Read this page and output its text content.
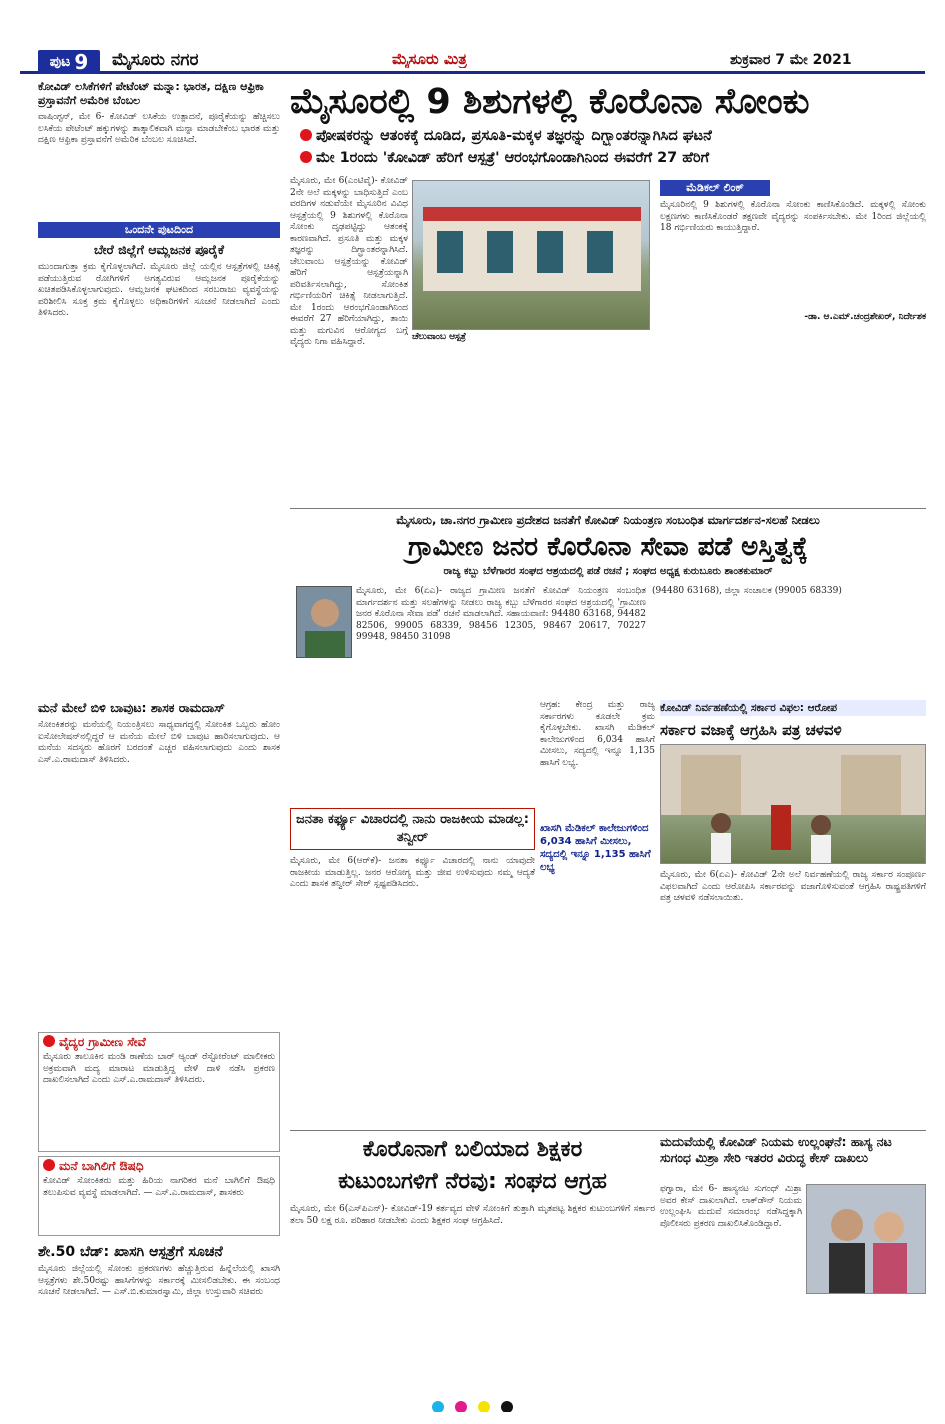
ಪುಟ 9 ಮೈಸೂರು ನಗರ	ಮೈಸೂರು ಮಿತ್ರ	ಶುಕ್ರವಾರ 7 ಮೇ 2021
ಕೋವಿಡ್ ಲಸಿಕೆಗಳಿಗೆ ಪೇಟೆಂಟ್ ಮನ್ನಾ: ಭಾರತ, ದಕ್ಷಿಣ ಆಫ್ರಿಕಾ ಪ್ರಸ್ತಾವನೆಗೆ ಅಮೆರಿಕ ಬೆಂಬಲ
ವಾಷಿಂಗ್ಟನ್, ಮೇ 6- ಕೋವಿಡ್ ಲಸಿಕೆಯ ಉತ್ಪಾದನೆ, ಪೂರೈಕೆಯನ್ನು ಹೆಚ್ಚಿಸಲು ಲಸಿಕೆಯ ಪೇಟೆಂಟ್ ಹಕ್ಕುಗಳನ್ನು ತಾತ್ಕಾಲಿಕವಾಗಿ ಮನ್ನಾ ಮಾಡಬೇಕೆಂಬ ಭಾರತ ಮತ್ತು ದಕ್ಷಿಣ ಆಫ್ರಿಕಾ ಪ್ರಸ್ತಾವನೆಗೆ ಅಮೆರಿಕ ಬೆಂಬಲ ಸೂಚಿಸಿದೆ.
ಒಂದನೇ ಪುಟದಿಂದ
ಬೇರೆ ಜಿಲ್ಲೆಗೆ ಆಮ್ಲಜನಕ ಪೂರೈಕೆ
ಮುಂದಾಗುತ್ತಾ ಕ್ರಮ ಕೈಗೊಳ್ಳಲಾಗಿದೆ. ಮೈಸೂರು ಜಿಲ್ಲೆ ಯಲ್ಲಿನ ಆಸ್ಪತ್ರೆಗಳಲ್ಲಿ ಚಿಕಿತ್ಸೆ ಪಡೆಯುತ್ತಿರುವ ರೋಗಿಗಳಿಗೆ ಅಗತ್ಯವಿರುವ ಆಮ್ಲಜನಕ ಪೂರೈಕೆಯನ್ನು ಖಚಿತಪಡಿಸಿಕೊಳ್ಳಲಾಗುವುದು. ಆಮ್ಲಜನಕ ಘಟಕದಿಂದ ಸರಬರಾಜು ವ್ಯವಸ್ಥೆಯನ್ನು ಪರಿಶೀಲಿಸಿ ಸೂಕ್ತ ಕ್ರಮ ಕೈಗೊಳ್ಳಲು ಅಧಿಕಾರಿಗಳಿಗೆ ಸೂಚನೆ ನೀಡಲಾಗಿದೆ ಎಂದು ತಿಳಿಸಿದರು.
ಮನೆ ಮೇಲೆ ಬಿಳಿ ಬಾವುಟ: ಶಾಸಕ ರಾಮದಾಸ್
ಸೋಂಕಿತರನ್ನು ಮನೆಯಲ್ಲಿ ನಿಯಂತ್ರಿಸಲು ಸಾಧ್ಯವಾಗದ್ದಲ್ಲಿ ಸೋಂಕಿತ ಒಬ್ಬರು ಹೋಂ ಐಸೋಲೇಷನ್‌ನಲ್ಲಿದ್ದರೆ ಆ ಮನೆಯ ಮೇಲೆ ಬಿಳಿ ಬಾವುಟ ಹಾರಿಸಲಾಗುವುದು. ಆ ಮನೆಯ ಸದಸ್ಯರು ಹೊರಗೆ ಬರದಂತೆ ಎಚ್ಚರ ವಹಿಸಲಾಗುವುದು ಎಂದು ಶಾಸಕ ಎಸ್.ಎ.ರಾಮದಾಸ್ ತಿಳಿಸಿದರು.
ವೈದ್ಯರ ಗ್ರಾಮೀಣ ಸೇವೆ
ಮೈಸೂರು ತಾಲೂಕಿನ ಮಂಡಿ ಠಾಣೆಯ ಬಾರ್ ಆ್ಯಂಡ್ ರೆಸ್ಟೋರೆಂಟ್ ಮಾಲೀಕರು ಅಕ್ರಮವಾಗಿ ಮದ್ಯ ಮಾರಾಟ ಮಾಡುತ್ತಿದ್ದ ವೇಳೆ ದಾಳಿ ನಡೆಸಿ ಪ್ರಕರಣ ದಾಖಲಿಸಲಾಗಿದೆ ಎಂದು ಎಸ್.ಎ.ರಾಮದಾಸ್ ತಿಳಿಸಿದರು.
ಮನೆ ಬಾಗಿಲಿಗೆ ಔಷಧಿ
ಕೋವಿಡ್ ಸೋಂಕಿತರು ಮತ್ತು ಹಿರಿಯ ನಾಗರಿಕರ ಮನೆ ಬಾಗಿಲಿಗೆ ಔಷಧಿ ತಲುಪಿಸುವ ವ್ಯವಸ್ಥೆ ಮಾಡಲಾಗಿದೆ. — ಎಸ್.ಎ.ರಾಮದಾಸ್, ಶಾಸಕರು
ಶೇ.50 ಬೆಡ್: ಖಾಸಗಿ ಆಸ್ಪತ್ರೆಗೆ ಸೂಚನೆ
ಮೈಸೂರು ಜಿಲ್ಲೆಯಲ್ಲಿ ಸೋಂಕು ಪ್ರಕರಣಗಳು ಹೆಚ್ಚುತ್ತಿರುವ ಹಿನ್ನೆಲೆಯಲ್ಲಿ ಖಾಸಗಿ ಆಸ್ಪತ್ರೆಗಳು ಶೇ.50ರಷ್ಟು ಹಾಸಿಗೆಗಳನ್ನು ಸರ್ಕಾರಕ್ಕೆ ಮೀಸಲಿಡಬೇಕು. ಈ ಸಂಬಂಧ ಸೂಚನೆ ನೀಡಲಾಗಿದೆ. — ಎಸ್.ಬಿ.ಕುಮಾರಸ್ವಾಮಿ, ಜಿಲ್ಲಾ ಉಸ್ತುವಾರಿ ಸಚಿವರು
ಮೈಸೂರಲ್ಲಿ 9 ಶಿಶುಗಳಲ್ಲಿ ಕೊರೊನಾ ಸೋಂಕು
ಪೋಷಕರನ್ನು ಆತಂಕಕ್ಕೆ ದೂಡಿದ, ಪ್ರಸೂತಿ-ಮಕ್ಕಳ ತಜ್ಞರನ್ನು ದಿಗ್ಭ್ರಾಂತರನ್ನಾಗಿಸಿದ ಘಟನೆ
ಮೇ 1ರಂದು 'ಕೋವಿಡ್ ಹೆರಿಗೆ ಆಸ್ಪತ್ರೆ' ಆರಂಭಗೊಂಡಾಗಿನಿಂದ ಈವರೆಗೆ 27 ಹೆರಿಗೆ
ಮೈಸೂರು, ಮೇ 6(ಎಂಟಿವೈ)- ಕೋವಿಡ್ 2ನೇ ಅಲೆ ಮಕ್ಕಳನ್ನು ಬಾಧಿಸುತ್ತಿದೆ ಎಂಬ ವರದಿಗಳ ನಡುವೆಯೇ ಮೈಸೂರಿನ ವಿವಿಧ ಆಸ್ಪತ್ರೆಯಲ್ಲಿ 9 ಶಿಶುಗಳಲ್ಲಿ ಕೊರೊನಾ ಸೋಂಕು ದೃಢಪಟ್ಟಿದ್ದು ಆತಂಕಕ್ಕೆ ಕಾರಣವಾಗಿದೆ. ಪ್ರಸೂತಿ ಮತ್ತು ಮಕ್ಕಳ ತಜ್ಞರನ್ನು ದಿಗ್ಭ್ರಾಂತರನ್ನಾಗಿಸಿದೆ. ಚೆಲುವಾಂಬ ಆಸ್ಪತ್ರೆಯನ್ನು ಕೋವಿಡ್ ಹೆರಿಗೆ ಆಸ್ಪತ್ರೆಯನ್ನಾಗಿ ಪರಿವರ್ತಿಸಲಾಗಿದ್ದು, ಸೋಂಕಿತ ಗರ್ಭಿಣಿಯರಿಗೆ ಚಿಕಿತ್ಸೆ ನೀಡಲಾಗುತ್ತಿದೆ. ಮೇ 1ರಂದು ಆರಂಭಗೊಂಡಾಗಿನಿಂದ ಈವರೆಗೆ 27 ಹೆರಿಗೆಯಾಗಿದ್ದು, ತಾಯಿ ಮತ್ತು ಮಗುವಿನ ಆರೋಗ್ಯದ ಬಗ್ಗೆ ವೈದ್ಯರು ನಿಗಾ ವಹಿಸಿದ್ದಾರೆ.	ಚೆಲುವಾಂಬ ಆಸ್ಪತ್ರೆ
ಮೆಡಿಕಲ್ ಲಿಂಕ್
ಮೈಸೂರಿನಲ್ಲಿ 9 ಶಿಶುಗಳಲ್ಲಿ ಕೊರೊನಾ ಸೋಂಕು ಕಾಣಿಸಿಕೊಂಡಿದೆ. ಮಕ್ಕಳಲ್ಲಿ ಸೋಂಕು ಲಕ್ಷಣಗಳು ಕಾಣಿಸಿಕೊಂಡರೆ ತಕ್ಷಣವೇ ವೈದ್ಯರನ್ನು ಸಂಪರ್ಕಿಸಬೇಕು. ಮೇ 1ರಿಂದ ಜಿಲ್ಲೆಯಲ್ಲಿ 18 ಗರ್ಭಿಣಿಯರು ಕಾಯುತ್ತಿದ್ದಾರೆ.
-ಡಾ. ಆ.ಎಮ್.ಚಂದ್ರಶೇಖರ್, ನಿರ್ದೇಶಕ
ಮೈಸೂರು, ಚಾ.ನಗರ ಗ್ರಾಮೀಣ ಪ್ರದೇಶದ ಜನತೆಗೆ ಕೋವಿಡ್ ನಿಯಂತ್ರಣ ಸಂಬಂಧಿತ ಮಾರ್ಗದರ್ಶನ-ಸಲಹೆ ನೀಡಲು
ಗ್ರಾಮೀಣ ಜನರ ಕೊರೊನಾ ಸೇವಾ ಪಡೆ ಅಸ್ತಿತ್ವಕ್ಕೆ
ರಾಜ್ಯ ಕಬ್ಬು ಬೆಳೆಗಾರರ ಸಂಘದ ಆಶ್ರಯದಲ್ಲಿ ಪಡೆ ರಚನೆ ; ಸಂಘದ ಅಧ್ಯಕ್ಷ ಕುರುಬೂರು ಶಾಂತಕುಮಾರ್
ಮೈಸೂರು, ಮೇ 6(ಏಎ)- ರಾಜ್ಯದ ಗ್ರಾಮೀಣ ಜನತೆಗೆ ಕೋವಿಡ್ ನಿಯಂತ್ರಣ ಸಂಬಂಧಿತ ಮಾರ್ಗದರ್ಶನ ಮತ್ತು ಸಲಹೆಗಳನ್ನು ನೀಡಲು ರಾಜ್ಯ ಕಬ್ಬು ಬೆಳೆಗಾರರ ಸಂಘದ ಆಶ್ರಯದಲ್ಲಿ 'ಗ್ರಾಮೀಣ ಜನರ ಕೊರೊನಾ ಸೇವಾ ಪಡೆ' ರಚನೆ ಮಾಡಲಾಗಿದೆ. ಸಹಾಯವಾಣಿ: 94480 63168, 94482 82506, 99005 68339, 98456 12305, 98467 20617, 70227 99948, 98450 31098
(94480 63168), ಜಿಲ್ಲಾ ಸಂಚಾಲಕ (99005 68339)
ಜನತಾ ಕರ್ಫ್ಯೂ ವಿಚಾರದಲ್ಲಿ ನಾನು ರಾಜಕೀಯ ಮಾಡಲ್ಲ: ತನ್ವೀರ್
ಮೈಸೂರು, ಮೇ 6(ಆರ್‌ಕೆ)- ಜನತಾ ಕರ್ಫ್ಯೂ ವಿಚಾರದಲ್ಲಿ ನಾನು ಯಾವುದೇ ರಾಜಕೀಯ ಮಾಡುತ್ತಿಲ್ಲ. ಜನರ ಆರೋಗ್ಯ ಮತ್ತು ಜೀವ ಉಳಿಸುವುದು ನಮ್ಮ ಆದ್ಯತೆ ಎಂದು ಶಾಸಕ ತನ್ವೀರ್ ಸೇಠ್ ಸ್ಪಷ್ಟಪಡಿಸಿದರು.
ಆಗ್ರಹ: ಕೇಂದ್ರ ಮತ್ತು ರಾಜ್ಯ ಸರ್ಕಾರಗಳು ಕೂಡಲೇ ಕ್ರಮ ಕೈಗೊಳ್ಳಬೇಕು. ಖಾಸಗಿ ಮೆಡಿಕಲ್ ಕಾಲೇಜುಗಳಿಂದ 6,034 ಹಾಸಿಗೆ ಮೀಸಲು, ಸದ್ಯದಲ್ಲಿ ಇನ್ನೂ 1,135 ಹಾಸಿಗೆ ಲಭ್ಯ.
ಖಾಸಗಿ ಮೆಡಿಕಲ್ ಕಾಲೇಜುಗಳಿಂದ 6,034 ಹಾಸಿಗೆ ಮೀಸಲು, ಸದ್ಯದಲ್ಲಿ ಇನ್ನೂ 1,135 ಹಾಸಿಗೆ ಲಭ್ಯ
ಕೋವಿಡ್ ನಿರ್ವಹಣೆಯಲ್ಲಿ ಸರ್ಕಾರ ವಿಫಲ: ಆರೋಪ
ಸರ್ಕಾರ ವಜಾಕ್ಕೆ ಆಗ್ರಹಿಸಿ ಪತ್ರ ಚಳವಳಿ
ಮೈಸೂರು, ಮೇ 6(ಏಎ)- ಕೋವಿಡ್ 2ನೇ ಅಲೆ ನಿರ್ವಹಣೆಯಲ್ಲಿ ರಾಜ್ಯ ಸರ್ಕಾರ ಸಂಪೂರ್ಣ ವಿಫಲವಾಗಿದೆ ಎಂದು ಆರೋಪಿಸಿ ಸರ್ಕಾರವನ್ನು ವಜಾಗೊಳಿಸುವಂತೆ ಆಗ್ರಹಿಸಿ ರಾಷ್ಟ್ರಪತಿಗಳಿಗೆ ಪತ್ರ ಚಳವಳಿ ನಡೆಸಲಾಯಿತು.
ಕೊರೊನಾಗೆ ಬಲಿಯಾದ ಶಿಕ್ಷಕರ
ಕುಟುಂಬಗಳಿಗೆ ನೆರವು: ಸಂಘದ ಆಗ್ರಹ
ಮೈಸೂರು, ಮೇ 6(ಎಸ್‌ಪಿಎನ್)- ಕೋವಿಡ್-19 ಕರ್ತವ್ಯದ ವೇಳೆ ಸೋಂಕಿಗೆ ತುತ್ತಾಗಿ ಮೃತಪಟ್ಟ ಶಿಕ್ಷಕರ ಕುಟುಂಬಗಳಿಗೆ ಸರ್ಕಾರ ತಲಾ 50 ಲಕ್ಷ ರೂ. ಪರಿಹಾರ ನೀಡಬೇಕು ಎಂದು ಶಿಕ್ಷಕರ ಸಂಘ ಆಗ್ರಹಿಸಿದೆ.
ಮದುವೆಯಲ್ಲಿ ಕೋವಿಡ್ ನಿಯಮ ಉಲ್ಲಂಘನೆ: ಹಾಸ್ಯ ನಟ ಸುಗಂಧ ಮಿಶ್ರಾ ಸೇರಿ ಇತರರ ವಿರುದ್ಧ ಕೇಸ್ ದಾಖಲು
ಫಗ್ವಾರಾ, ಮೇ 6- ಹಾಸ್ಯನಟ ಸುಗಂಧ್ ಮಿಶ್ರಾ ಅವರ ಕೇಸ್ ದಾಖಲಾಗಿದೆ. ಲಾಕ್‌ಡೌನ್ ನಿಯಮ ಉಲ್ಲಂಘಿಸಿ ಮದುವೆ ಸಮಾರಂಭ ನಡೆಸಿದ್ದಕ್ಕಾಗಿ ಪೊಲೀಸರು ಪ್ರಕರಣ ದಾಖಲಿಸಿಕೊಂಡಿದ್ದಾರೆ.
